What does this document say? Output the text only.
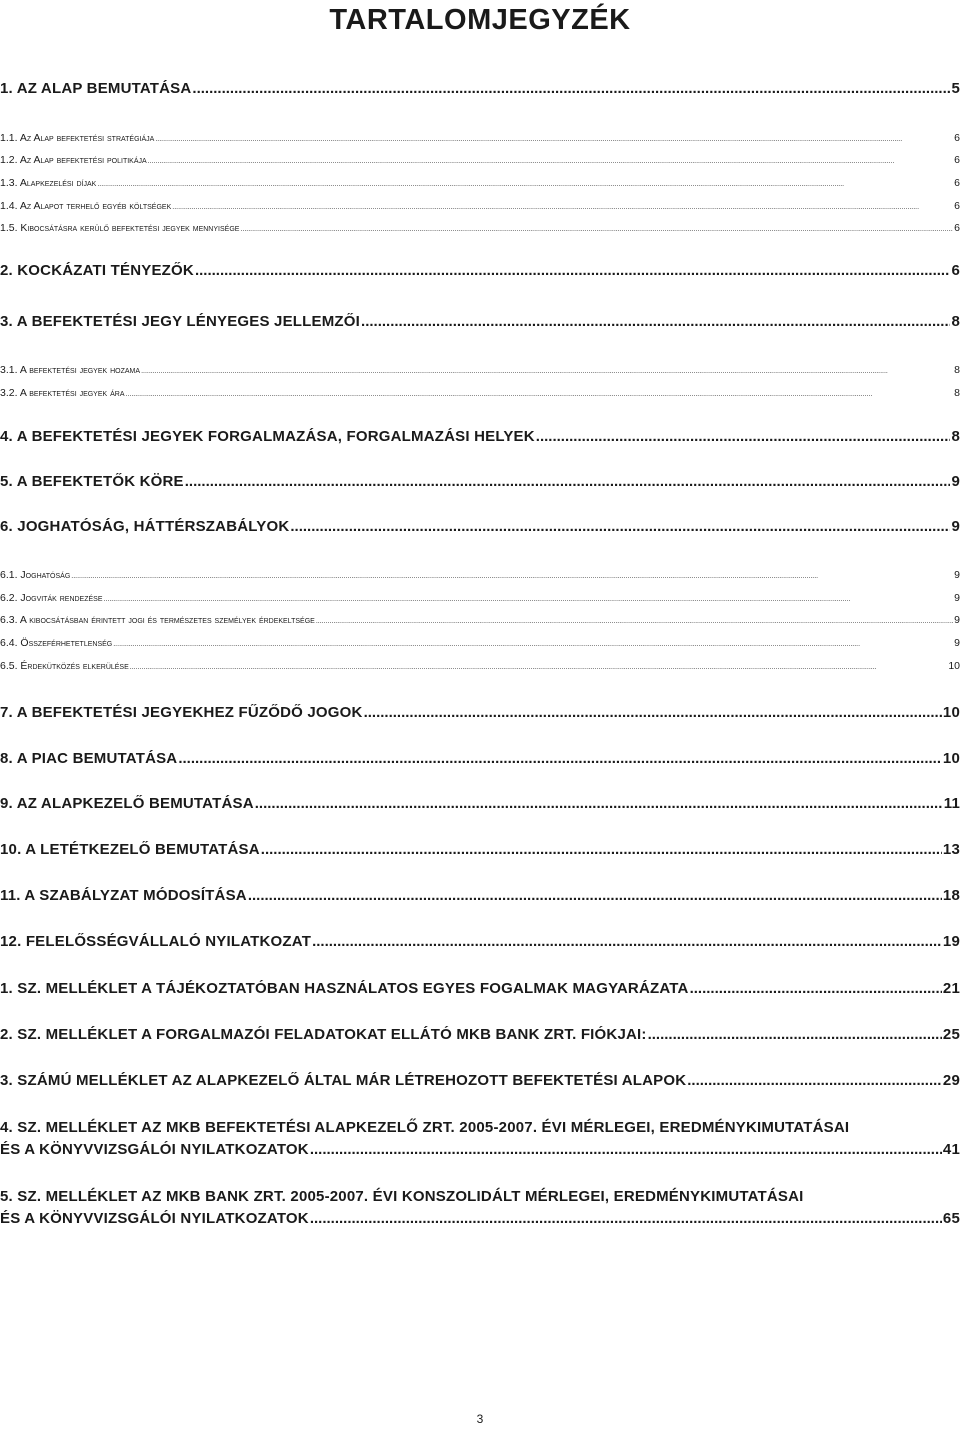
TARTALOMJEGYZÉK
1. AZ ALAP BEMUTATÁSA .....	5
1.1. Az Alap befektetési stratégiája .....	6
1.2. Az Alap befektetési politikája .....	6
1.3. Alapkezelési díjak .....	6
1.4. Az Alapot terhelő egyéb költségek .....	6
1.5. Kibocsátásra kerülő befektetési jegyek mennyisége .....	6
2. KOCKÁZATI TÉNYEZŐK .....	6
3. A BEFEKTETÉSI JEGY LÉNYEGES JELLEMZŐI .....	8
3.1. A befektetési jegyek hozama .....	8
3.2. A befektetési jegyek ára .....	8
4. A BEFEKTETÉSI JEGYEK FORGALMAZÁSA, FORGALMAZÁSI HELYEK .....	8
5. A BEFEKTETŐK KÖRE .....	9
6. JOGHATÓSÁG, HÁTTÉRSZABÁLYOK .....	9
6.1. Joghatóság .....	9
6.2. Jogviták rendezése .....	9
6.3. A kibocsátásban érintett jogi és természetes személyek érdekeltsége .....	9
6.4. Összeférhetetlenség .....	9
6.5. Érdekütközés elkerülése .....	10
7. A BEFEKTETÉSI JEGYEKHEZ FŰZŐDŐ JOGOK .....	10
8. A PIAC BEMUTATÁSA .....	10
9. AZ ALAPKEZELŐ BEMUTATÁSA .....	11
10. A LETÉTKEZELŐ BEMUTATÁSA .....	13
11. A SZABÁLYZAT MÓDOSÍTÁSA .....	18
12. FELELŐSSÉGVÁLLALÓ NYILATKOZAT .....	19
1. SZ. MELLÉKLET A TÁJÉKOZTATÓBAN HASZNÁLATOS EGYES FOGALMAK MAGYARÁZATA .....	21
2. SZ. MELLÉKLET A FORGALMAZÓI FELADATOKAT ELLÁTÓ MKB BANK ZRT. FIÓKJAI: .....	25
3. SZÁMÚ MELLÉKLET AZ ALAPKEZELŐ ÁLTAL MÁR LÉTREHOZOTT BEFEKTETÉSI ALAPOK .....	29
4. SZ. MELLÉKLET AZ MKB BEFEKTETÉSI ALAPKEZELŐ ZRT. 2005-2007. ÉVI MÉRLEGEI, EREDMÉNYKIMUTATÁSAI
ÉS A KÖNYVVIZSGÁLÓI NYILATKOZATOK .....	41
5. SZ. MELLÉKLET AZ MKB BANK ZRT. 2005-2007. ÉVI KONSZOLIDÁLT MÉRLEGEI, EREDMÉNYKIMUTATÁSAI
ÉS A KÖNYVVIZSGÁLÓI NYILATKOZATOK .....	65
3
